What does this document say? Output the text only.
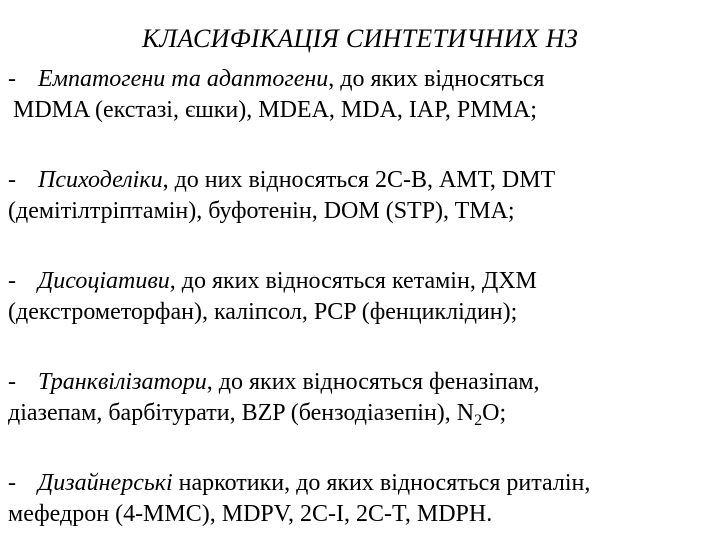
КЛАСИФІКАЦІЯ СИНТЕТИЧНИХ НЗ
- Емпатогени та адаптогени, до яких відносяться
MDMA (екстазі, єшки), MDEA, MDA, IAP, PMMA;
- Психоделіки, до них відносяться 2С-В, АМТ, DMT
(демітілтріптамін), буфотенін, DOM (STP), TMA;
- Дисоціативи, до яких відносяться кетамін, ДХМ
(декстрометорфан), каліпсол, PCP (фенциклідин);
- Транквілізатори, до яких відносяться феназіпам,
діазепам, барбітурати, BZP (бензодіазепін), $N_2O$;
- Дизайнерські наркотики, до яких відносяться риталін,
мефедрон (4-ММС), MDPV, 2C-I, 2C-T, MDPH.
